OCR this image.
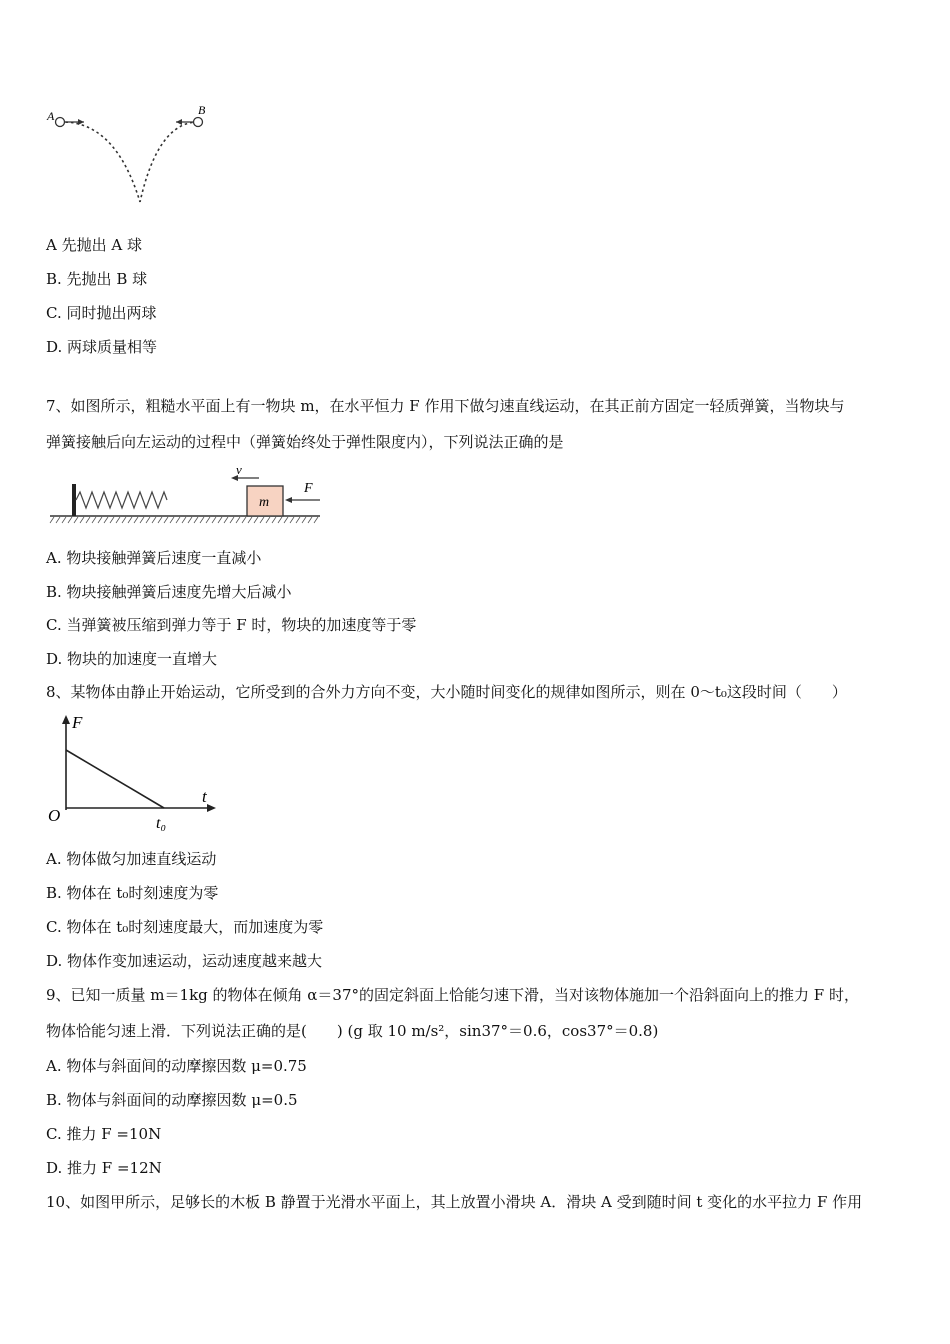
A	B
A 先抛出 A 球
B. 先抛出 B 球
C. 同时抛出两球
D. 两球质量相等
7、如图所示，粗糙水平面上有一物块 m，在水平恒力 F 作用下做匀速直线运动，在其正前方固定一轻质弹簧，当物块与
弹簧接触后向左运动的过程中（弹簧始终处于弹性限度内），下列说法正确的是
m
v
F
A. 物块接触弹簧后速度一直减小
B. 物块接触弹簧后速度先增大后减小
C. 当弹簧被压缩到弹力等于 F 时，物块的加速度等于零
D. 物块的加速度一直增大
8、某物体由静止开始运动，它所受到的合外力方向不变，大小随时间变化的规律如图所示，则在 0～t₀这段时间（　　）
F
t
O	t₀
A. 物体做匀加速直线运动
B. 物体在 t₀时刻速度为零
C. 物体在 t₀时刻速度最大，而加速度为零
D. 物体作变加速运动，运动速度越来越大
9、已知一质量 m＝1kg 的物体在倾角 α＝37°的固定斜面上恰能匀速下滑，当对该物体施加一个沿斜面向上的推力 F 时，
物体恰能匀速上滑．下列说法正确的是(　　) (g 取 10 m/s²，sin37°＝0.6，cos37°＝0.8)
A. 物体与斜面间的动摩擦因数 μ=0.75
B. 物体与斜面间的动摩擦因数 μ=0.5
C. 推力 F =10N
D. 推力 F =12N
10、如图甲所示，足够长的木板 B 静置于光滑水平面上，其上放置小滑块 A．滑块 A 受到随时间 t 变化的水平拉力 F 作用
